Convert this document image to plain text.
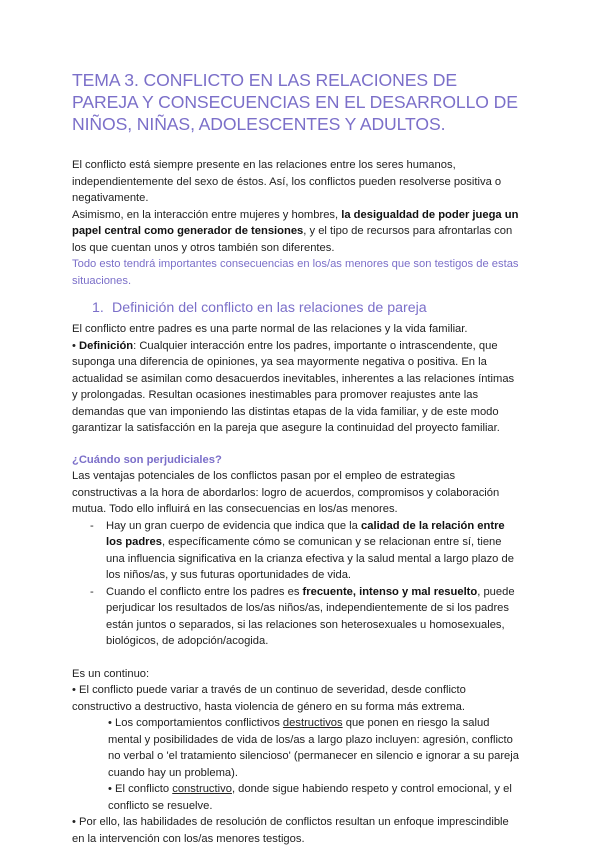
TEMA 3. CONFLICTO EN LAS RELACIONES DE PAREJA Y CONSECUENCIAS EN EL DESARROLLO DE NIÑOS, NIÑAS, ADOLESCENTES Y ADULTOS.

El conflicto está siempre presente en las relaciones entre los seres humanos, independientemente del sexo de éstos. Así, los conflictos pueden resolverse positiva o negativamente.

Asimismo, en la interacción entre mujeres y hombres, la desigualdad de poder juega un papel central como generador de tensiones, y el tipo de recursos para afrontarlas con los que cuentan unos y otros también son diferentes.

Todo esto tendrá importantes consecuencias en los/as menores que son testigos de estas situaciones.

1. Definición del conflicto en las relaciones de pareja

El conflicto entre padres es una parte normal de las relaciones y la vida familiar.

• Definición: Cualquier interacción entre los padres, importante o intrascendente, que suponga una diferencia de opiniones, ya sea mayormente negativa o positiva. En la actualidad se asimilan como desacuerdos inevitables, inherentes a las relaciones íntimas y prolongadas. Resultan ocasiones inestimables para promover reajustes ante las demandas que van imponiendo las distintas etapas de la vida familiar, y de este modo garantizar la satisfacción en la pareja que asegure la continuidad del proyecto familiar.

¿Cuándo son perjudiciales?

Las ventajas potenciales de los conflictos pasan por el empleo de estrategias constructivas a la hora de abordarlos: logro de acuerdos, compromisos y colaboración mutua. Todo ello influirá en las consecuencias en los/as menores.

- Hay un gran cuerpo de evidencia que indica que la calidad de la relación entre los padres, específicamente cómo se comunican y se relacionan entre sí, tiene una influencia significativa en la crianza efectiva y la salud mental a largo plazo de los niños/as, y sus futuras oportunidades de vida.
- Cuando el conflicto entre los padres es frecuente, intenso y mal resuelto, puede perjudicar los resultados de los/as niños/as, independientemente de si los padres están juntos o separados, si las relaciones son heterosexuales u homosexuales, biológicos, de adopción/acogida.

Es un continuo:

• El conflicto puede variar a través de un continuo de severidad, desde conflicto constructivo a destructivo, hasta violencia de género en su forma más extrema.

• Los comportamientos conflictivos destructivos que ponen en riesgo la salud mental y posibilidades de vida de los/as a largo plazo incluyen: agresión, conflicto no verbal o 'el tratamiento silencioso' (permanecer en silencio e ignorar a su pareja cuando hay un problema).

• El conflicto constructivo, donde sigue habiendo respeto y control emocional, y el conflicto se resuelve.

• Por ello, las habilidades de resolución de conflictos resultan un enfoque imprescindible en la intervención con los/as menores testigos.
